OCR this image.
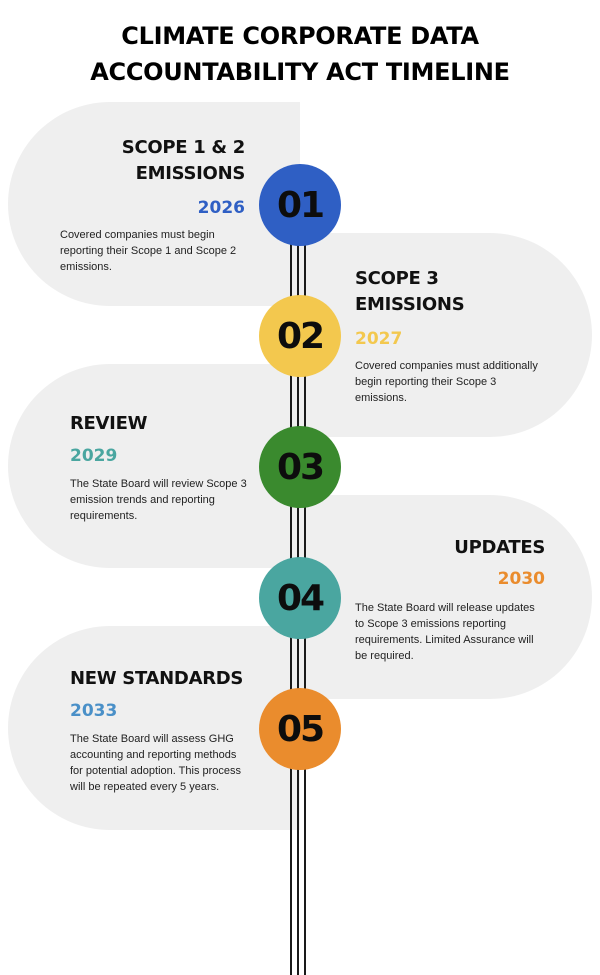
CLIMATE CORPORATE DATA
ACCOUNTABILITY ACT TIMELINE
01
02
03
04
05
SCOPE 1 & 2
EMISSIONS
2026
Covered companies must begin
reporting their Scope 1 and Scope 2
emissions.
SCOPE 3
EMISSIONS
2027
Covered companies must additionally
begin reporting their Scope 3
emissions.
REVIEW
2029
The State Board will review Scope 3
emission trends and reporting
requirements.
UPDATES
2030
The State Board will release updates
to Scope 3 emissions reporting
requirements. Limited Assurance will
be required.
NEW STANDARDS
2033
The State Board will assess GHG
accounting and reporting methods
for potential adoption. This process
will be repeated every 5 years.
